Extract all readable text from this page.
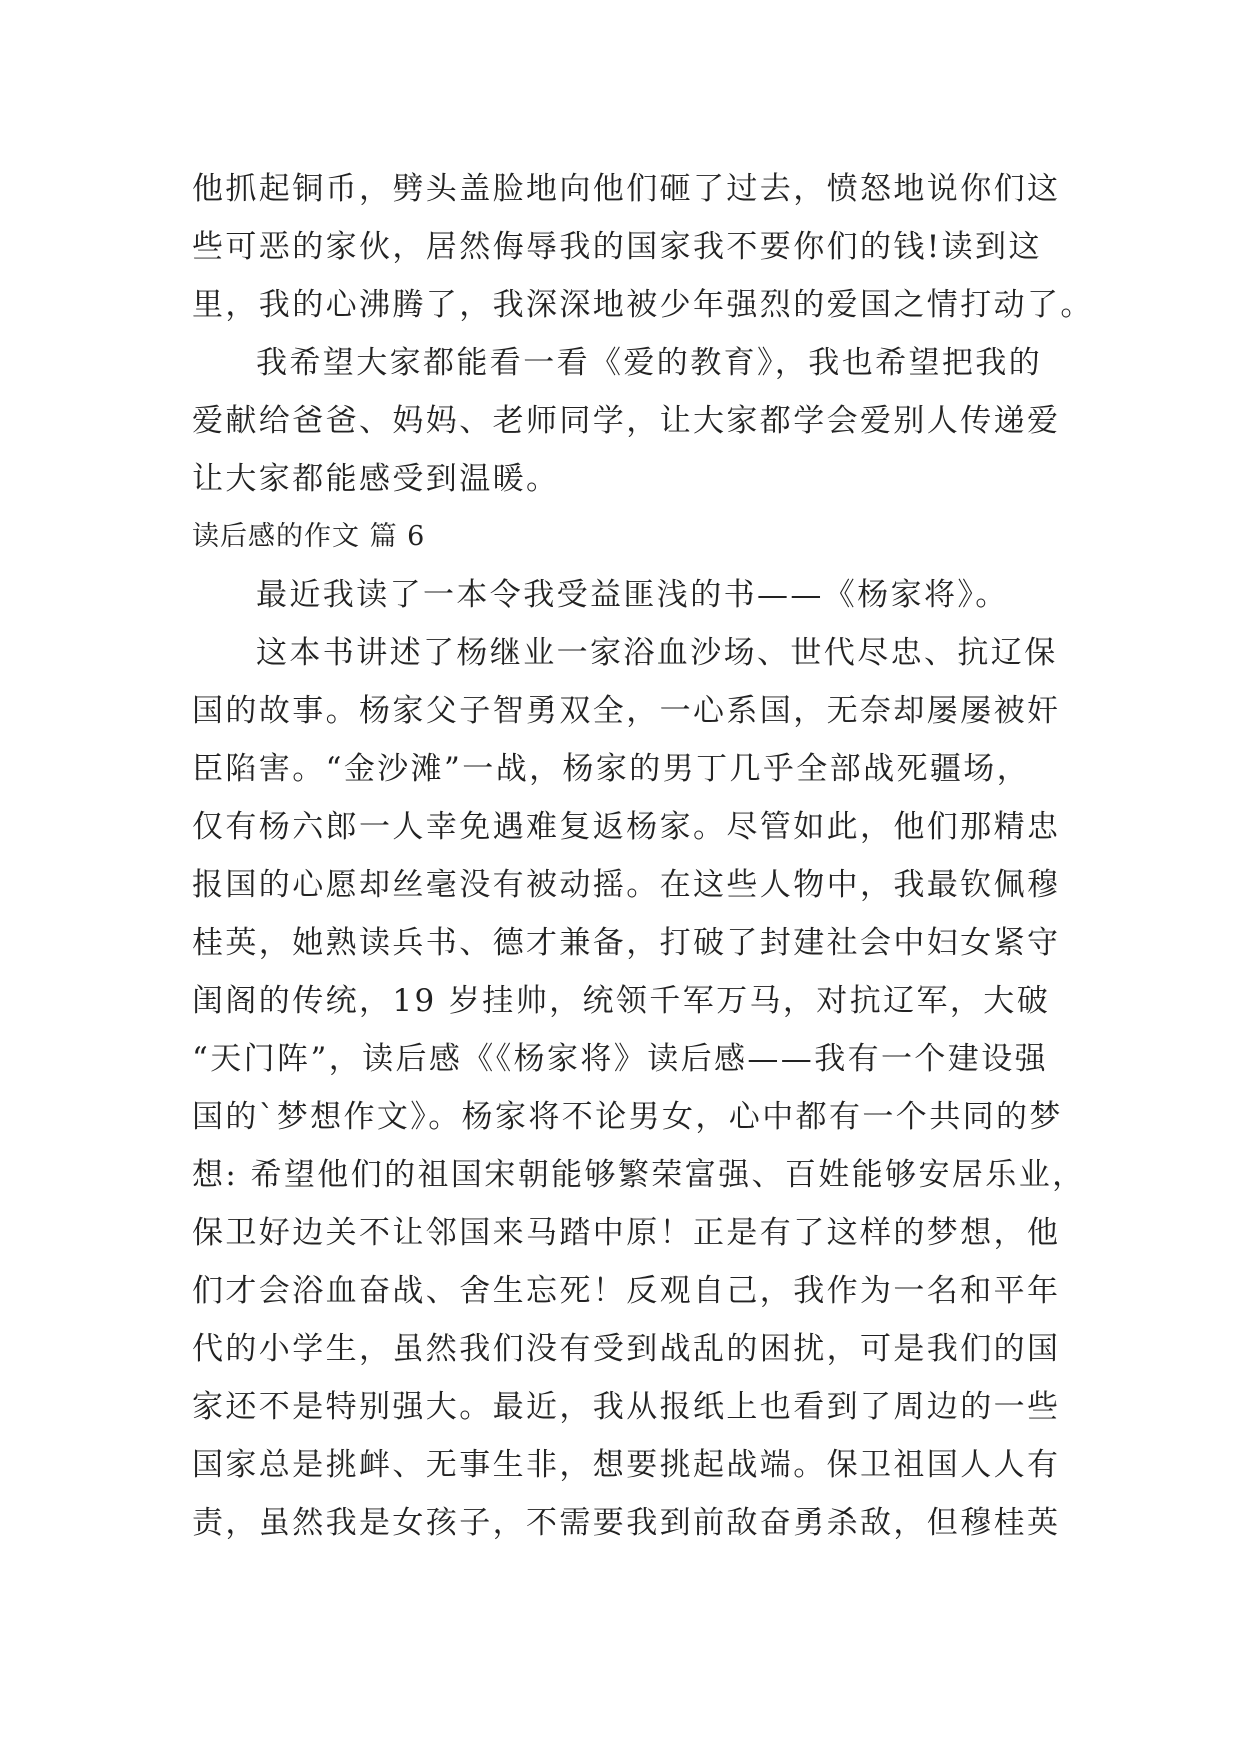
他抓起铜币，劈头盖脸地向他们砸了过去，愤怒地说你们这
些可恶的家伙，居然侮辱我的国家我不要你们的钱!读到这
里，我的心沸腾了，我深深地被少年强烈的爱国之情打动了。
我希望大家都能看一看《爱的教育》，我也希望把我的
爱献给爸爸、妈妈、老师同学，让大家都学会爱别人传递爱
让大家都能感受到温暖。
读后感的作文 篇 6
最近我读了一本令我受益匪浅的书——《杨家将》。
这本书讲述了杨继业一家浴血沙场、世代尽忠、抗辽保
国的故事。杨家父子智勇双全，一心系国，无奈却屡屡被奸
臣陷害。“金沙滩”一战，杨家的男丁几乎全部战死疆场，
仅有杨六郎一人幸免遇难复返杨家。尽管如此，他们那精忠
报国的心愿却丝毫没有被动摇。在这些人物中，我最钦佩穆
桂英，她熟读兵书、德才兼备，打破了封建社会中妇女紧守
闺阁的传统，19 岁挂帅，统领千军万马，对抗辽军，大破
“天门阵”，读后感《《杨家将》读后感——我有一个建设强
国的`梦想作文》。杨家将不论男女，心中都有一个共同的梦
想: 希望他们的祖国宋朝能够繁荣富强、百姓能够安居乐业，
保卫好边关不让邻国来马踏中原！正是有了这样的梦想，他
们才会浴血奋战、舍生忘死！反观自己，我作为一名和平年
代的小学生，虽然我们没有受到战乱的困扰，可是我们的国
家还不是特别强大。最近，我从报纸上也看到了周边的一些
国家总是挑衅、无事生非，想要挑起战端。保卫祖国人人有
责，虽然我是女孩子，不需要我到前敌奋勇杀敌，但穆桂英
